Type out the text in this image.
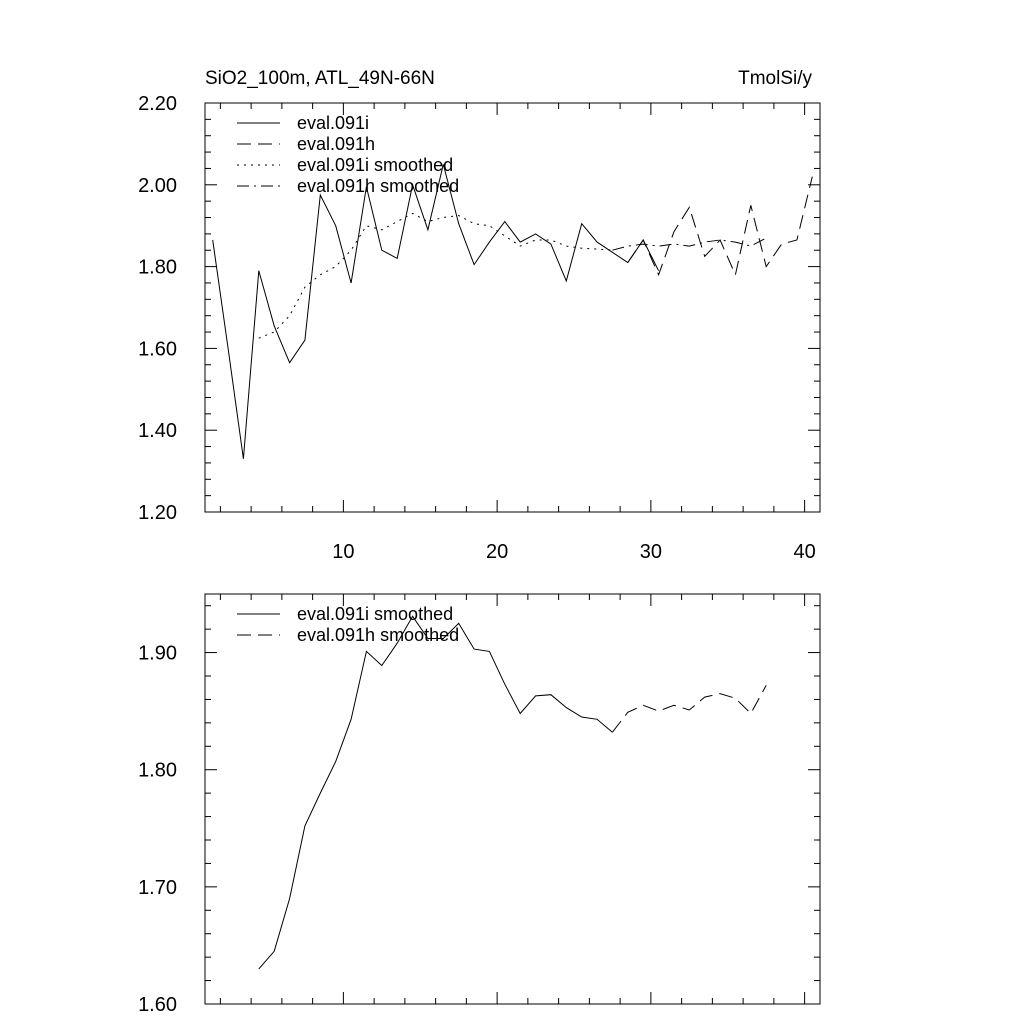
10	20	30	40
1.20
1.40
1.60
1.80
2.00
2.20
SiO2_100m, ATL_49N-66N	TmolSi/y
eval.091i
eval.091h
eval.091i smoothed
eval.091h smoothed
1.60
1.70
1.80
1.90
eval.091i smoothed
eval.091h smoothed
